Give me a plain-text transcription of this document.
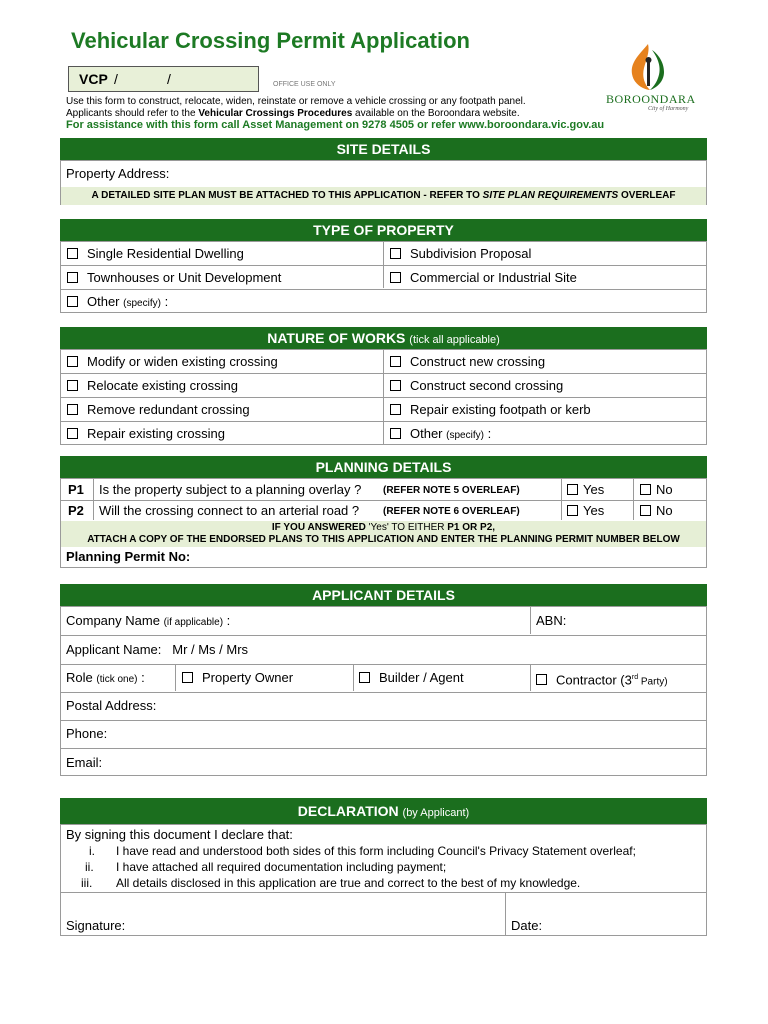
Vehicular Crossing Permit Application
VCP /	/	OFFICE USE ONLY
Use this form to construct, relocate, widen, reinstate or remove a vehicle crossing or any footpath panel.
Applicants should refer to the Vehicular Crossings Procedures available on the Boroondara website.
For assistance with this form call Asset Management on 9278 4505 or refer www.boroondara.vic.gov.au
BOROONDARA
City of Harmony
SITE DETAILS
Property Address:
A DETAILED SITE PLAN MUST BE ATTACHED TO THIS APPLICATION - REFER TO SITE PLAN REQUIREMENTS OVERLEAF
TYPE OF PROPERTY
Single Residential Dwelling	Subdivision Proposal
Townhouses or Unit Development	Commercial or Industrial Site
Other (specify) :
NATURE OF WORKS (tick all applicable)
Modify or widen existing crossing	Construct new crossing
Relocate existing crossing	Construct second crossing
Remove redundant crossing	Repair existing footpath or kerb
Repair existing crossing	Other (specify) :
PLANNING DETAILS
P1 Is the property subject to a planning overlay ? (REFER NOTE 5 OVERLEAF)	Yes	No
P2 Will the crossing connect to an arterial road ? (REFER NOTE 6 OVERLEAF)	Yes	No
IF YOU ANSWERED 'Yes' TO EITHER P1 OR P2,
ATTACH A COPY OF THE ENDORSED PLANS TO THIS APPLICATION AND ENTER THE PLANNING PERMIT NUMBER BELOW
Planning Permit No:
APPLICANT DETAILS
Company Name (if applicable) :	ABN:
Applicant Name: Mr / Ms / Mrs
Role (tick one) :	Property Owner	Builder / Agent	Contractor (3rd Party)
Postal Address:
Phone:
Email:
DECLARATION (by Applicant)
By signing this document I declare that:
i. I have read and understood both sides of this form including Council's Privacy Statement overleaf;
ii. I have attached all required documentation including payment;
iii. All details disclosed in this application are true and correct to the best of my knowledge.
Signature:	Date:
